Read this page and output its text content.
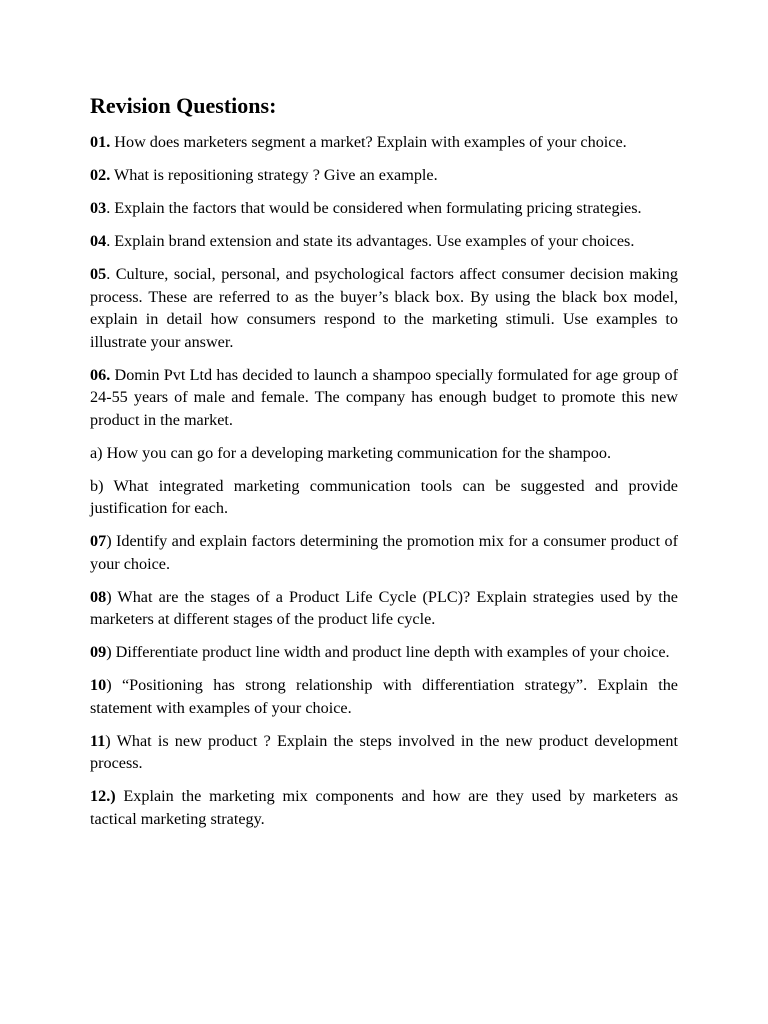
Revision Questions:

01. How does marketers segment a market? Explain with examples of your choice.

02. What is repositioning strategy ? Give an example.

03. Explain the factors that would be considered when formulating pricing strategies.

04. Explain brand extension and state its advantages. Use examples of your choices.

05. Culture, social, personal, and psychological factors affect consumer decision making process. These are referred to as the buyer’s black box. By using the black box model, explain in detail how consumers respond to the marketing stimuli. Use examples to illustrate your answer.

06. Domin Pvt Ltd has decided to launch a shampoo specially formulated for age group of 24-55 years of male and female. The company has enough budget to promote this new product in the market.

a) How you can go for a developing marketing communication for the shampoo.

b) What integrated marketing communication tools can be suggested and provide justification for each.

07) Identify and explain factors determining the promotion mix for a consumer product of your choice.

08) What are the stages of a Product Life Cycle (PLC)? Explain strategies used by the marketers at different stages of the product life cycle.

09) Differentiate product line width and product line depth with examples of your choice.

10) “Positioning has strong relationship with differentiation strategy”. Explain the statement with examples of your choice.

11) What is new product ? Explain the steps involved in the new product development process.

12.) Explain the marketing mix components and how are they used by marketers as tactical marketing strategy.
